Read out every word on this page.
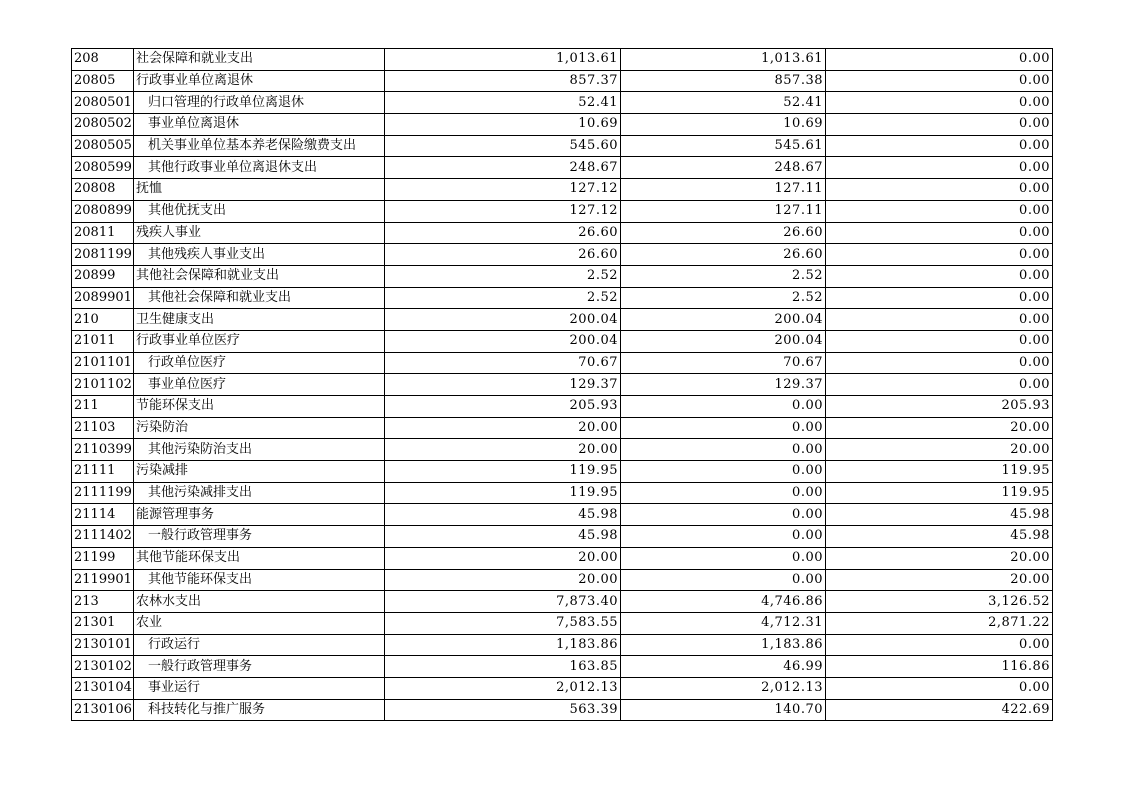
208	社会保障和就业支出	1,013.61	1,013.61	0.00
20805	行政事业单位离退休	857.37	857.38	0.00
2080501	归口管理的行政单位离退休	52.41	52.41	0.00
2080502	事业单位离退休	10.69	10.69	0.00
2080505	机关事业单位基本养老保险缴费支出	545.60	545.61	0.00
2080599	其他行政事业单位离退休支出	248.67	248.67	0.00
20808	抚恤	127.12	127.11	0.00
2080899	其他优抚支出	127.12	127.11	0.00
20811	残疾人事业	26.60	26.60	0.00
2081199	其他残疾人事业支出	26.60	26.60	0.00
20899	其他社会保障和就业支出	2.52	2.52	0.00
2089901	其他社会保障和就业支出	2.52	2.52	0.00
210	卫生健康支出	200.04	200.04	0.00
21011	行政事业单位医疗	200.04	200.04	0.00
2101101	行政单位医疗	70.67	70.67	0.00
2101102	事业单位医疗	129.37	129.37	0.00
211	节能环保支出	205.93	0.00	205.93
21103	污染防治	20.00	0.00	20.00
2110399	其他污染防治支出	20.00	0.00	20.00
21111	污染减排	119.95	0.00	119.95
2111199	其他污染减排支出	119.95	0.00	119.95
21114	能源管理事务	45.98	0.00	45.98
2111402	一般行政管理事务	45.98	0.00	45.98
21199	其他节能环保支出	20.00	0.00	20.00
2119901	其他节能环保支出	20.00	0.00	20.00
213	农林水支出	7,873.40	4,746.86	3,126.52
21301	农业	7,583.55	4,712.31	2,871.22
2130101	行政运行	1,183.86	1,183.86	0.00
2130102	一般行政管理事务	163.85	46.99	116.86
2130104	事业运行	2,012.13	2,012.13	0.00
2130106	科技转化与推广服务	563.39	140.70	422.69
